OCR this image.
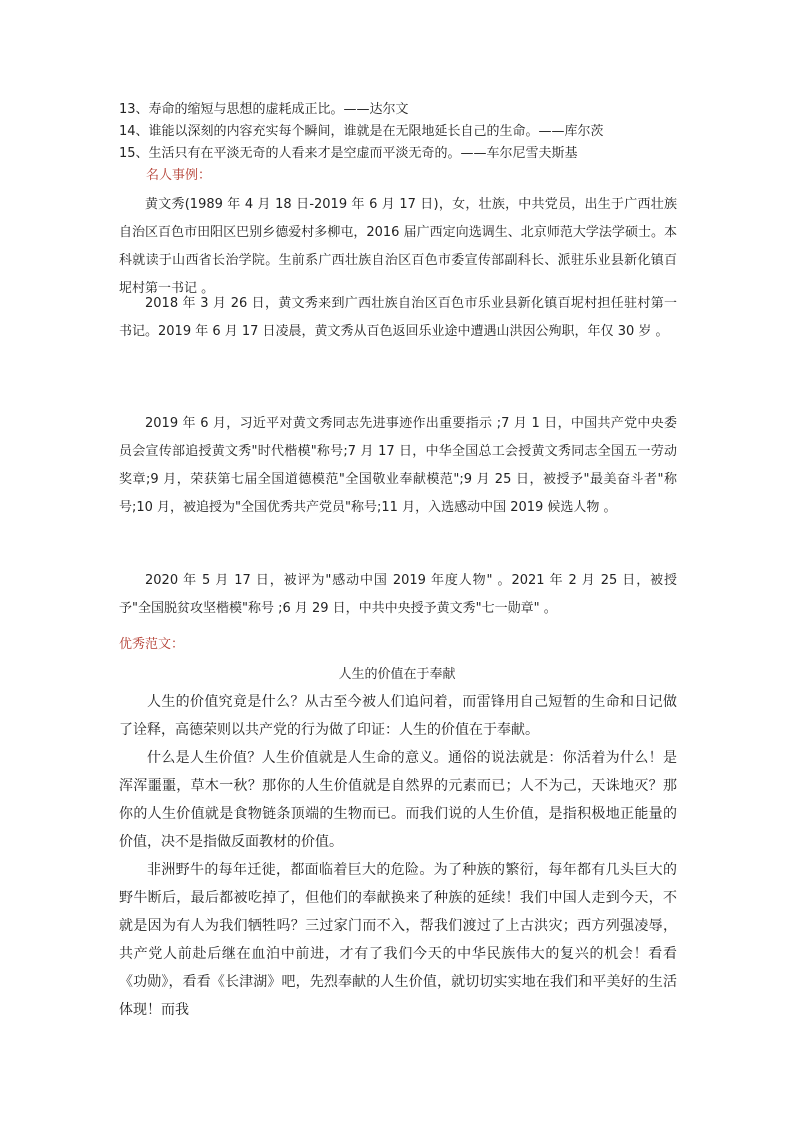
13、寿命的缩短与思想的虚耗成正比。——达尔文

14、谁能以深刻的内容充实每个瞬间，谁就是在无限地延长自己的生命。——库尔茨

15、生活只有在平淡无奇的人看来才是空虚而平淡无奇的。——车尔尼雪夫斯基

名人事例：

黄文秀(1989 年 4 月 18 日-2019 年 6 月 17 日)，女，壮族，中共党员，出生于广西壮族自治区百色市田阳区巴别乡德爱村多柳屯，2016 届广西定向选调生、北京师范大学法学硕士。本科就读于山西省长治学院。生前系广西壮族自治区百色市委宣传部副科长、派驻乐业县新化镇百坭村第一书记 。

2018 年 3 月 26 日，黄文秀来到广西壮族自治区百色市乐业县新化镇百坭村担任驻村第一书记。2019 年 6 月 17 日凌晨，黄文秀从百色返回乐业途中遭遇山洪因公殉职，年仅 30 岁 。

2019 年 6 月，习近平对黄文秀同志先进事迹作出重要指示 ;7 月 1 日，中国共产党中央委员会宣传部追授黄文秀"时代楷模"称号;7 月 17 日，中华全国总工会授黄文秀同志全国五一劳动奖章;9 月，荣获第七届全国道德模范"全国敬业奉献模范";9 月 25 日，被授予"最美奋斗者"称号;10 月，被追授为"全国优秀共产党员"称号;11 月，入选感动中国 2019 候选人物 。

2020 年 5 月 17 日，被评为"感动中国 2019 年度人物" 。2021 年 2 月 25 日，被授予"全国脱贫攻坚楷模"称号 ;6 月 29 日，中共中央授予黄文秀"七一勋章" 。

优秀范文：

人生的价值在于奉献

人生的价值究竟是什么？从古至今被人们追问着，而雷锋用自己短暂的生命和日记做了诠释，高德荣则以共产党的行为做了印证：人生的价值在于奉献。

什么是人生价值？人生价值就是人生命的意义。通俗的说法就是：你活着为什么！是浑浑噩噩，草木一秋？那你的人生价值就是自然界的元素而已；人不为己，天诛地灭？那你的人生价值就是食物链条顶端的生物而已。而我们说的人生价值，是指积极地正能量的价值，决不是指做反面教材的价值。

非洲野牛的每年迁徙，都面临着巨大的危险。为了种族的繁衍，每年都有几头巨大的野牛断后，最后都被吃掉了，但他们的奉献换来了种族的延续！我们中国人走到今天，不就是因为有人为我们牺牲吗？三过家门而不入，帮我们渡过了上古洪灾；西方列强凌辱，共产党人前赴后继在血泊中前进，才有了我们今天的中华民族伟大的复兴的机会！看看《功勋》，看看《长津湖》吧，先烈奉献的人生价值，就切切实实地在我们和平美好的生活体现！而我
